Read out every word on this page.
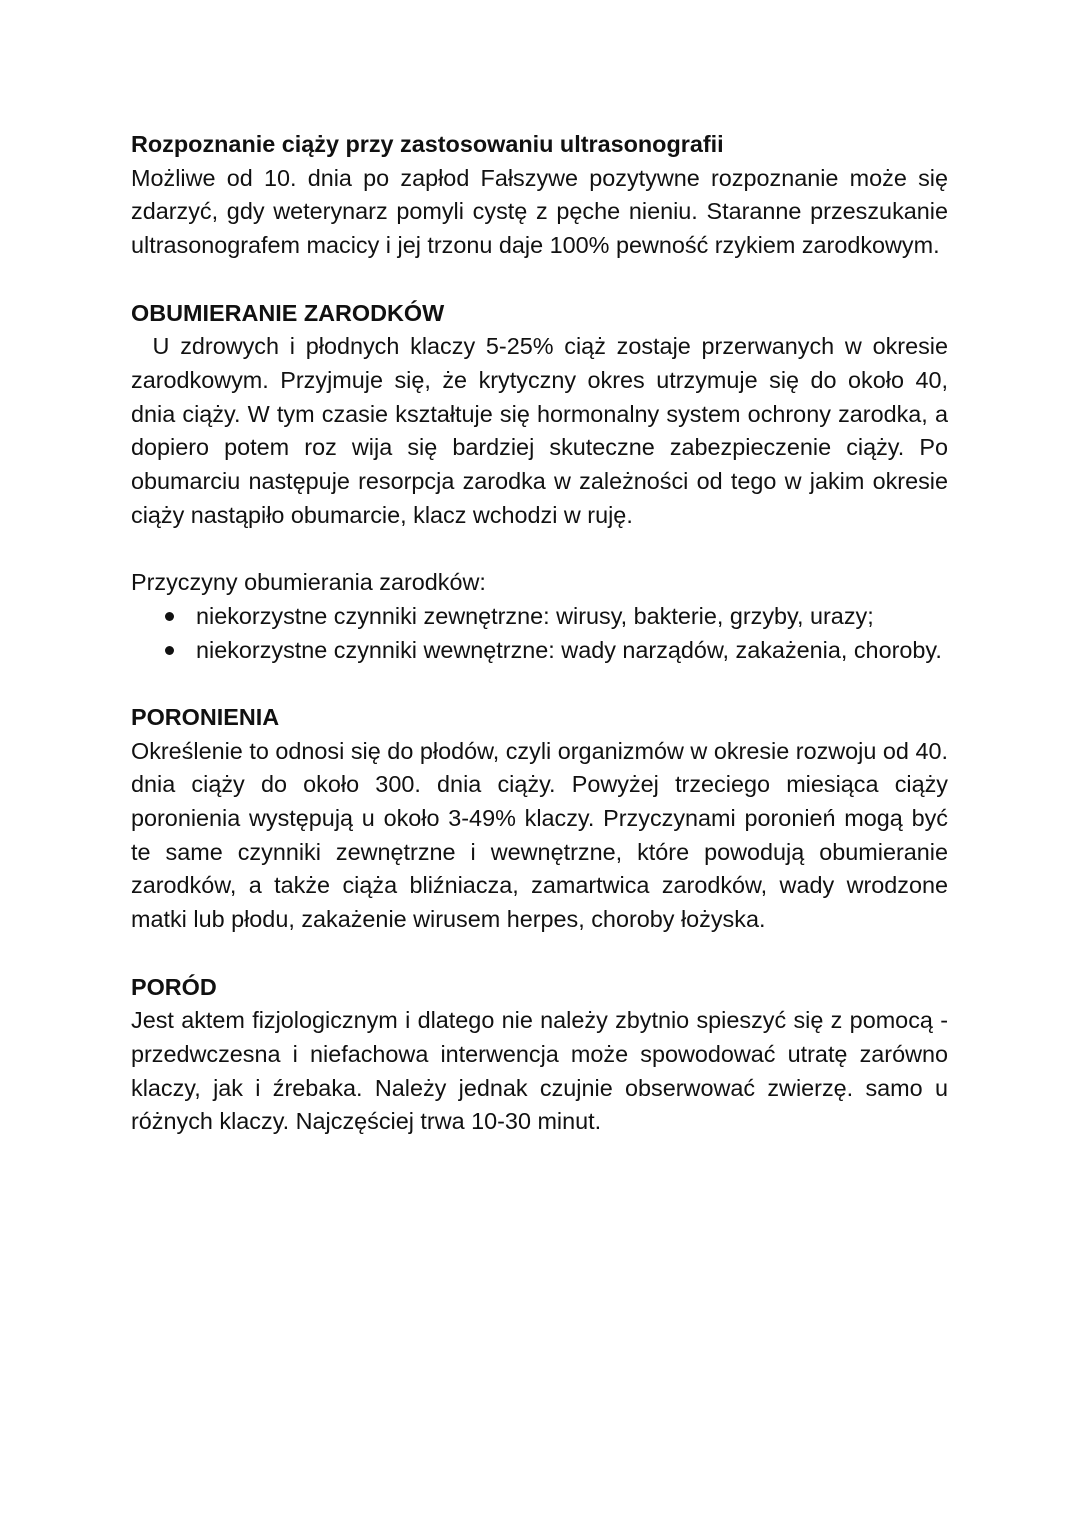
Rozpoznanie ciąży przy zastosowaniu ultrasonografii

Możliwe od 10. dnia po zapłod Fałszywe pozytywne rozpoznanie może się zdarzyć, gdy weterynarz pomyli cystę z pęche nieniu. Staranne przeszukanie ultrasonografem macicy i jej trzonu daje 100% pewność rzykiem zarodkowym.

OBUMIERANIE ZARODKÓW

U zdrowych i płodnych klaczy 5-25% ciąż zostaje przerwanych w okresie zarodkowym. Przyjmuje się, że krytyczny okres utrzymuje się do około 40, dnia ciąży. W tym czasie kształtuje się hormonalny system ochrony zarodka, a dopiero potem roz wija się bardziej skuteczne zabezpieczenie ciąży. Po obumarciu następuje resorpcja zarodka w zależności od tego w jakim okresie ciąży nastąpiło obumarcie, klacz wchodzi w ruję.

Przyczyny obumierania zarodków:

niekorzystne czynniki zewnętrzne: wirusy, bakterie, grzyby, urazy;
niekorzystne czynniki wewnętrzne: wady narządów, zakażenia, choroby.
PORONIENIA

Określenie to odnosi się do płodów, czyli organizmów w okresie rozwoju od 40. dnia ciąży do około 300. dnia ciąży. Powyżej trzeciego miesiąca ciąży poronienia występują u około 3-49% klaczy. Przyczynami poronień mogą być te same czynniki zewnętrzne i wewnętrzne, które powodują obumieranie zarodków, a także ciąża bliźniacza, zamartwica zarodków, wady wrodzone matki lub płodu, zakażenie wirusem herpes, choroby łożyska.

PORÓD

Jest aktem fizjologicznym i dlatego nie należy zbytnio spieszyć się z pomocą - przedwczesna i niefachowa interwencja może spowodować utratę zarówno klaczy, jak i źrebaka. Należy jednak czujnie obserwować zwierzę. samo u różnych klaczy. Najczęściej trwa 10-30 minut.
